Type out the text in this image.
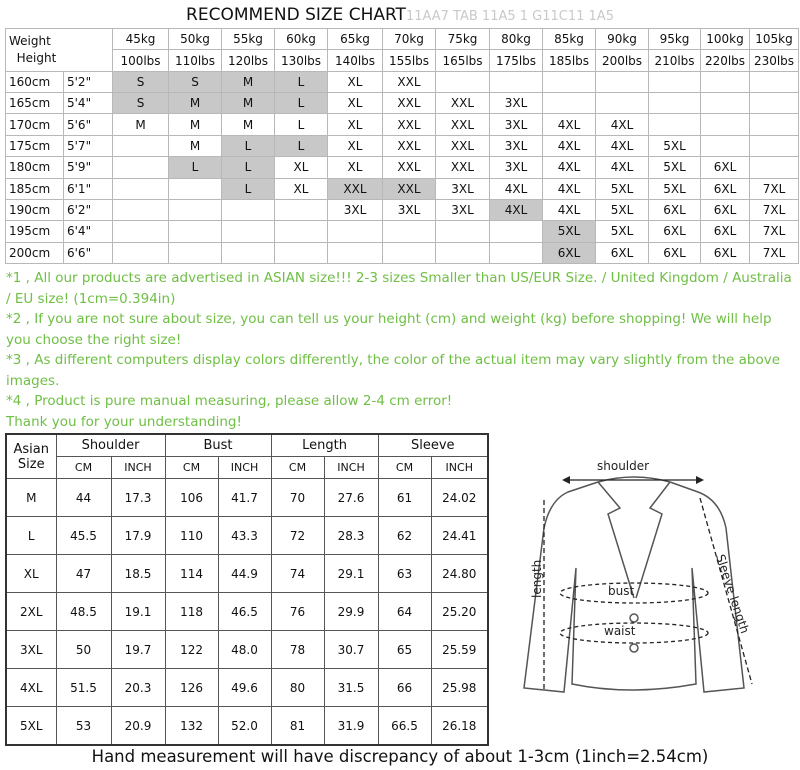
RECOMMEND SIZE CHART11AA7 TAB 11A5 1 G11C11 1A5
Weight
Height		45kg	50kg	55kg	60kg	65kg	70kg	75kg	80kg	85kg	90kg	95kg	100kg	105kg
		100lbs	110lbs	120lbs	130lbs	140lbs	155lbs	165lbs	175lbs	185lbs	200lbs	210lbs	220lbs	230lbs
160cm	5'2"	S	S	M	L	XL	XXL							
165cm	5'4"	S	M	M	L	XL	XXL	XXL	3XL					
170cm	5'6"	M	M	M	L	XL	XXL	XXL	3XL	4XL	4XL			
175cm	5'7"		M	L	L	XL	XXL	XXL	3XL	4XL	4XL	5XL		
180cm	5'9"		L	L	XL	XL	XXL	XXL	3XL	4XL	4XL	5XL	6XL	
185cm	6'1"			L	XL	XXL	XXL	3XL	4XL	4XL	5XL	5XL	6XL	7XL
190cm	6'2"					3XL	3XL	3XL	4XL	4XL	5XL	6XL	6XL	7XL
195cm	6'4"									5XL	5XL	6XL	6XL	7XL
200cm	6'6"									6XL	6XL	6XL	6XL	7XL

*1 , All our products are advertised in ASIAN size!!! 2-3 sizes Smaller than US/EUR Size. / United Kingdom / Australia / EU size! (1cm=0.394in)

*2 , If you are not sure about size, you can tell us your height (cm) and weight (kg) before shopping! We will help you choose the right size!

*3 , As different computers display colors differently, the color of the actual item may vary slightly from the above images.

*4 , Product is pure manual measuring, please allow 2-4 cm error!

Thank you for your understanding!

Asian
Size	Shoulder		Bust		Length		Sleeve	
	CM	INCH	CM	INCH	CM	INCH	CM	INCH
M	44	17.3	106	41.7	70	27.6	61	24.02
L	45.5	17.9	110	43.3	72	28.3	62	24.41
XL	47	18.5	114	44.9	74	29.1	63	24.80
2XL	48.5	19.1	118	46.5	76	29.9	64	25.20
3XL	50	19.7	122	48.0	78	30.7	65	25.59
4XL	51.5	20.3	126	49.6	80	31.5	66	25.98
5XL	53	20.9	132	52.0	81	31.9	66.5	26.18
shoulder
length	bust
waist	Sleeve length
Hand measurement will have discrepancy of about 1-3cm (1inch=2.54cm)
